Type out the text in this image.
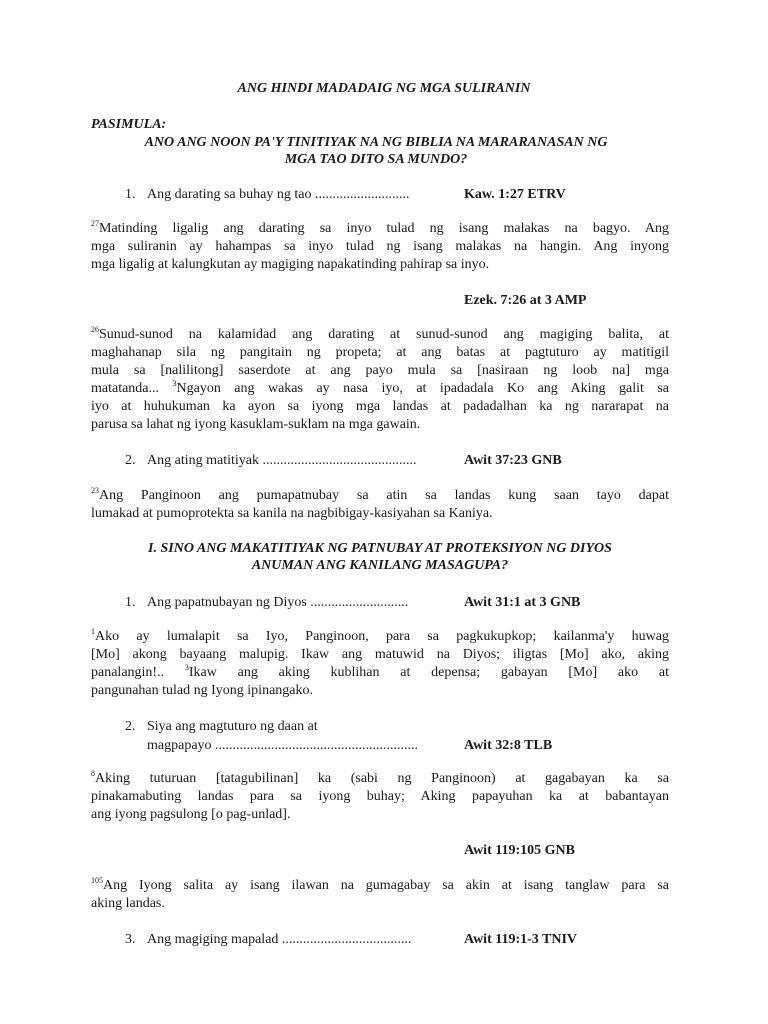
ANG HINDI MADADAIG NG MGA SULIRANIN
PASIMULA:
ANO ANG NOON PA'Y TINITIYAK NA NG BIBLIA NA MARARANASAN NG
MGA TAO DITO SA MUNDO?
1. Ang darating sa buhay ng tao ...........................	Kaw. 1:27 ETRV
$^{27}$Matinding ligalig ang darating sa inyo tulad ng isang malakas na bagyo. Ang
mga suliranin ay hahampas sa inyo tulad ng isang malakas na hangin. Ang inyong
mga ligalig at kalungkutan ay magiging napakatinding pahirap sa inyo.
Ezek. 7:26 at 3 AMP
$^{26}$Sunud-sunod na kalamidad ang darating at sunud-sunod ang magiging balita, at
maghahanap sila ng pangitain ng propeta; at ang batas at pagtuturo ay matitigil
mula sa [nalilitong] saserdote at ang payo mula sa [nasiraan ng loob na] mga
matatanda... $^3$Ngayon ang wakas ay nasa iyo, at ipadadala Ko ang Aking galit sa
iyo at huhukuman ka ayon sa iyong mga landas at padadalhan ka ng nararapat na
parusa sa lahat ng iyong kasuklam-suklam na mga gawain.
2. Ang ating matitiyak ............................................	Awit 37:23 GNB
$^{23}$Ang Panginoon ang pumapatnubay sa atin sa landas kung saan tayo dapat
lumakad at pumoprotekta sa kanila na nagbibigay-kasiyahan sa Kaniya.
I. SINO ANG MAKATITIYAK NG PATNUBAY AT PROTEKSIYON NG DIYOS
ANUMAN ANG KANILANG MASAGUPA?
1. Ang papatnubayan ng Diyos ............................	Awit 31:1 at 3 GNB
$^1$Ako ay lumalapit sa Iyo, Panginoon, para sa pagkukupkop; kailanma'y huwag
[Mo] akong bayaang malupig. Ikaw ang matuwid na Diyos; iligtas [Mo] ako, aking
panalangin!.. $^3$Ikaw ang aking kublihan at depensa; gabayan [Mo] ako at
pangunahan tulad ng Iyong ipinangako.
2. Siya ang magtuturo ng daan at
magpapayo ..........................................................	Awit 32:8 TLB
$^8$Aking tuturuan [tatagubilinan] ka (sabi ng Panginoon) at gagabayan ka sa
pinakamabuting landas para sa iyong buhay; Aking papayuhan ka at babantayan
ang iyong pagsulong [o pag-unlad].
Awit 119:105 GNB
$^{105}$Ang Iyong salita ay isang ilawan na gumagabay sa akin at isang tanglaw para sa
aking landas.
3. Ang magiging mapalad .....................................	Awit 119:1-3 TNIV
